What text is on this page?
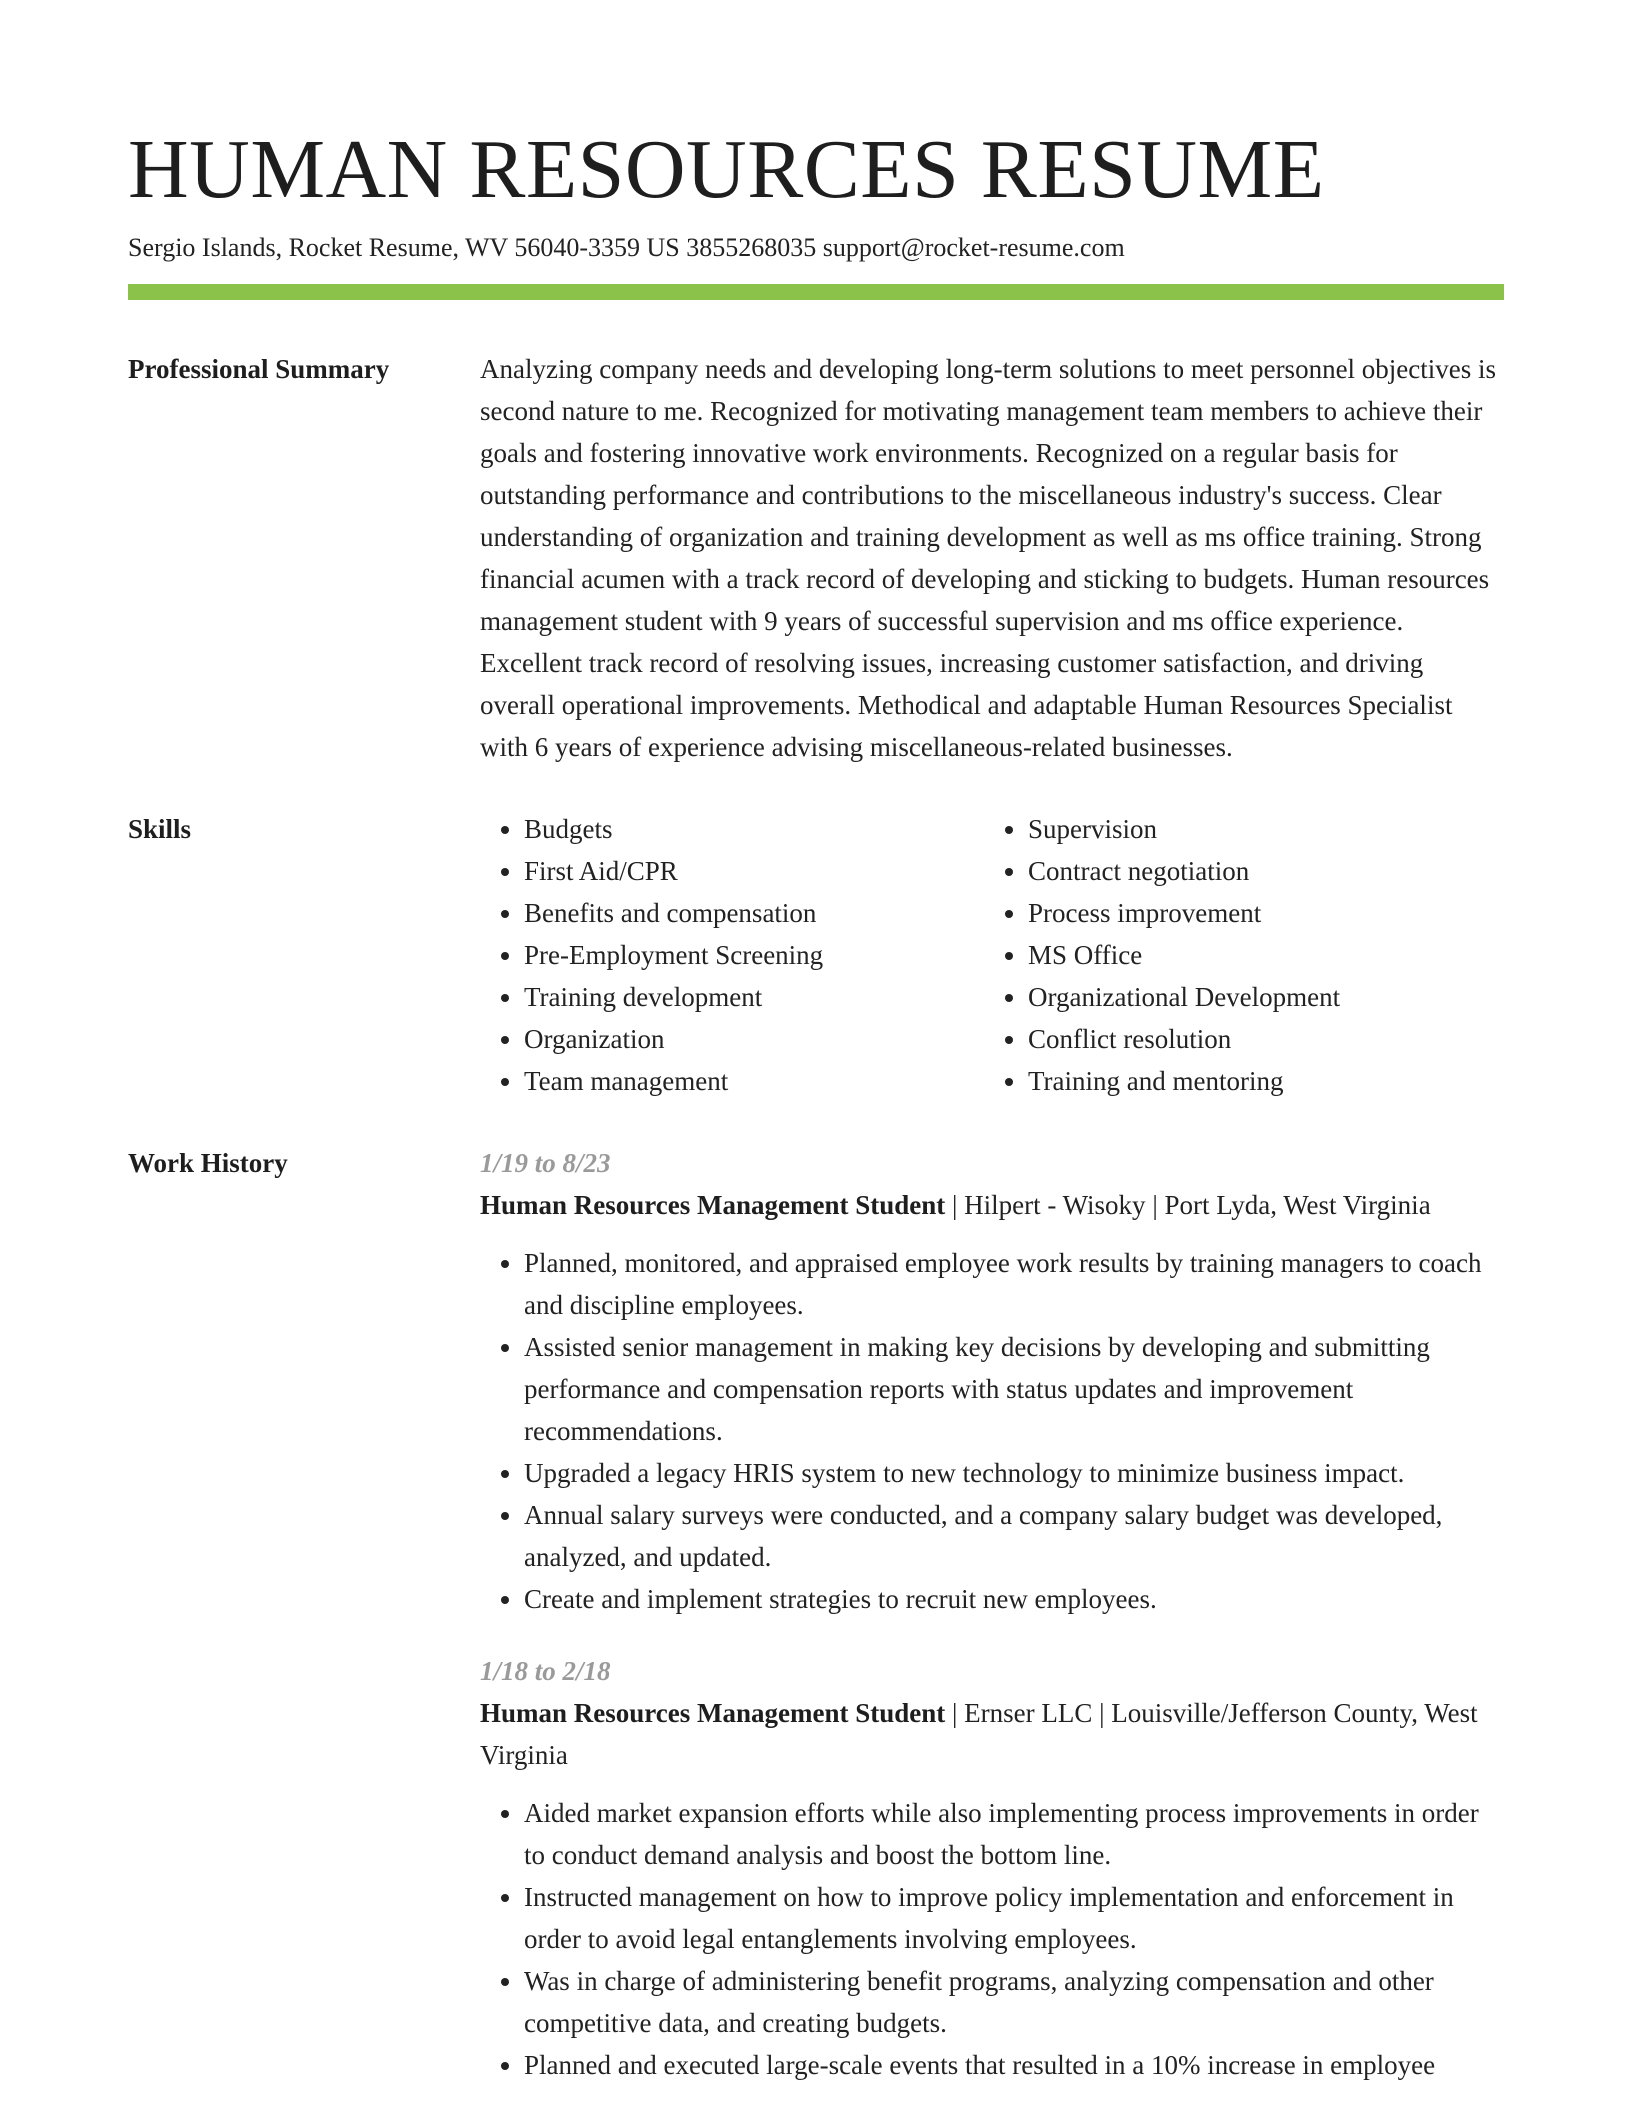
HUMAN RESOURCES RESUME
Sergio Islands, Rocket Resume, WV 56040-3359 US 3855268035 support@rocket-resume.com
Professional Summary	Analyzing company needs and developing long-term solutions to meet personnel objectives is second nature to me. Recognized for motivating management team members to achieve their goals and fostering innovative work environments. Recognized on a regular basis for outstanding performance and contributions to the miscellaneous industry's success. Clear understanding of organization and training development as well as ms office training. Strong financial acumen with a track record of developing and sticking to budgets. Human resources management student with 9 years of successful supervision and ms office experience. Excellent track record of resolving issues, increasing customer satisfaction, and driving overall operational improvements. Methodical and adaptable Human Resources Specialist with 6 years of experience advising miscellaneous-related businesses.

Skills	• Budgets
• First Aid/CPR
• Benefits and compensation
• Pre-Employment Screening
• Training development
• Organization
• Team management
• Supervision
• Contract negotiation
• Process improvement
• MS Office
• Organizational Development
• Conflict resolution
• Training and mentoring
Work History	1/19 to 8/23
Human Resources Management Student | Hilpert - Wisoky | Port Lyda, West Virginia
• Planned, monitored, and appraised employee work results by training managers to coach and discipline employees.
• Assisted senior management in making key decisions by developing and submitting performance and compensation reports with status updates and improvement recommendations.
• Upgraded a legacy HRIS system to new technology to minimize business impact.
• Annual salary surveys were conducted, and a company salary budget was developed, analyzed, and updated.
• Create and implement strategies to recruit new employees.
1/18 to 2/18
Human Resources Management Student | Ernser LLC | Louisville/Jefferson County, West Virginia
• Aided market expansion efforts while also implementing process improvements in order to conduct demand analysis and boost the bottom line.
• Instructed management on how to improve policy implementation and enforcement in order to avoid legal entanglements involving employees.
• Was in charge of administering benefit programs, analyzing compensation and other competitive data, and creating budgets.
• Planned and executed large-scale events that resulted in a 10% increase in employee
